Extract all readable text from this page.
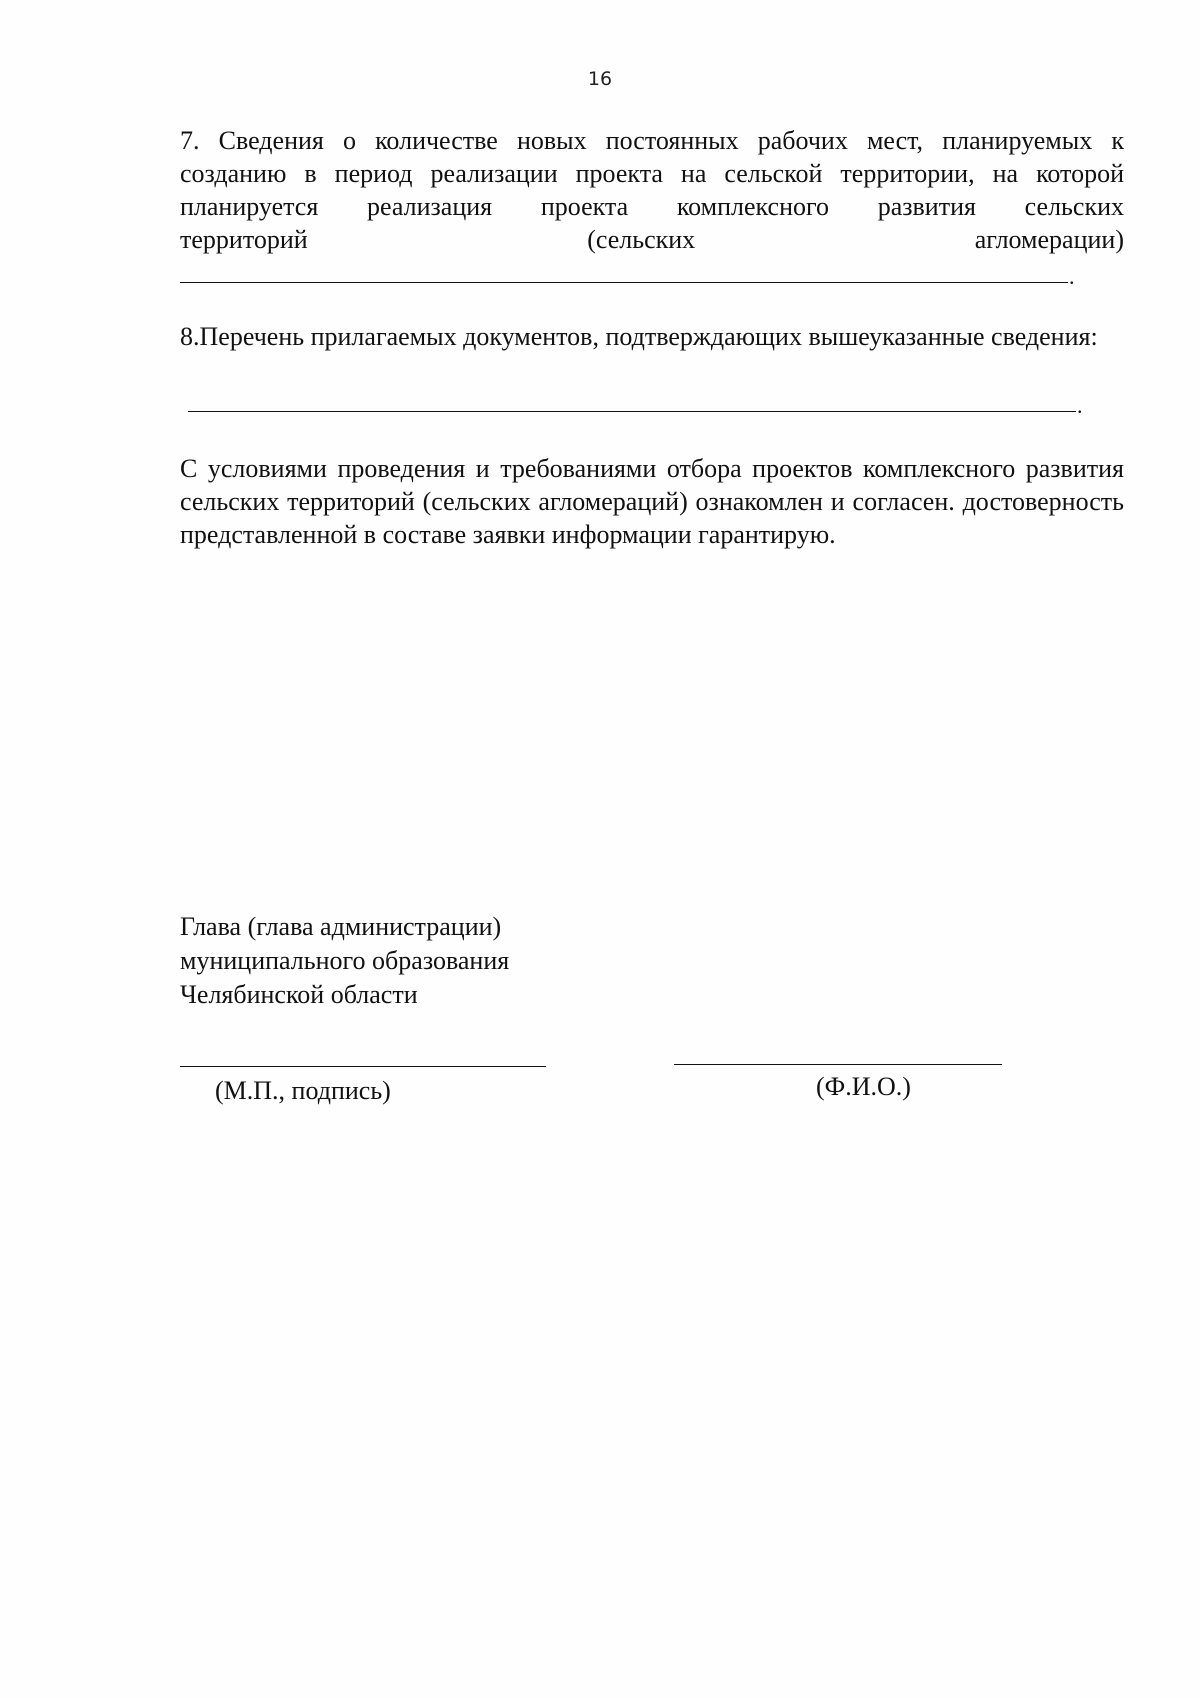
16
7. Сведения о количестве новых постоянных рабочих мест, планируемых к
созданию в период реализации проекта на сельской территории, на которой
планируется реализация проекта комплексного развития сельских
территорий	(сельских	агломерации)
.
8.Перечень прилагаемых документов, подтверждающих вышеуказанные сведения:
.
С условиями проведения и требованиями отбора проектов комплексного развития сельских территорий (сельских агломераций) ознакомлен и согласен. достоверность представленной в составе заявки информации гарантирую.
Глава (глава администрации)
муниципального образования
Челябинской области
(М.П., подпись)	(Ф.И.О.)
